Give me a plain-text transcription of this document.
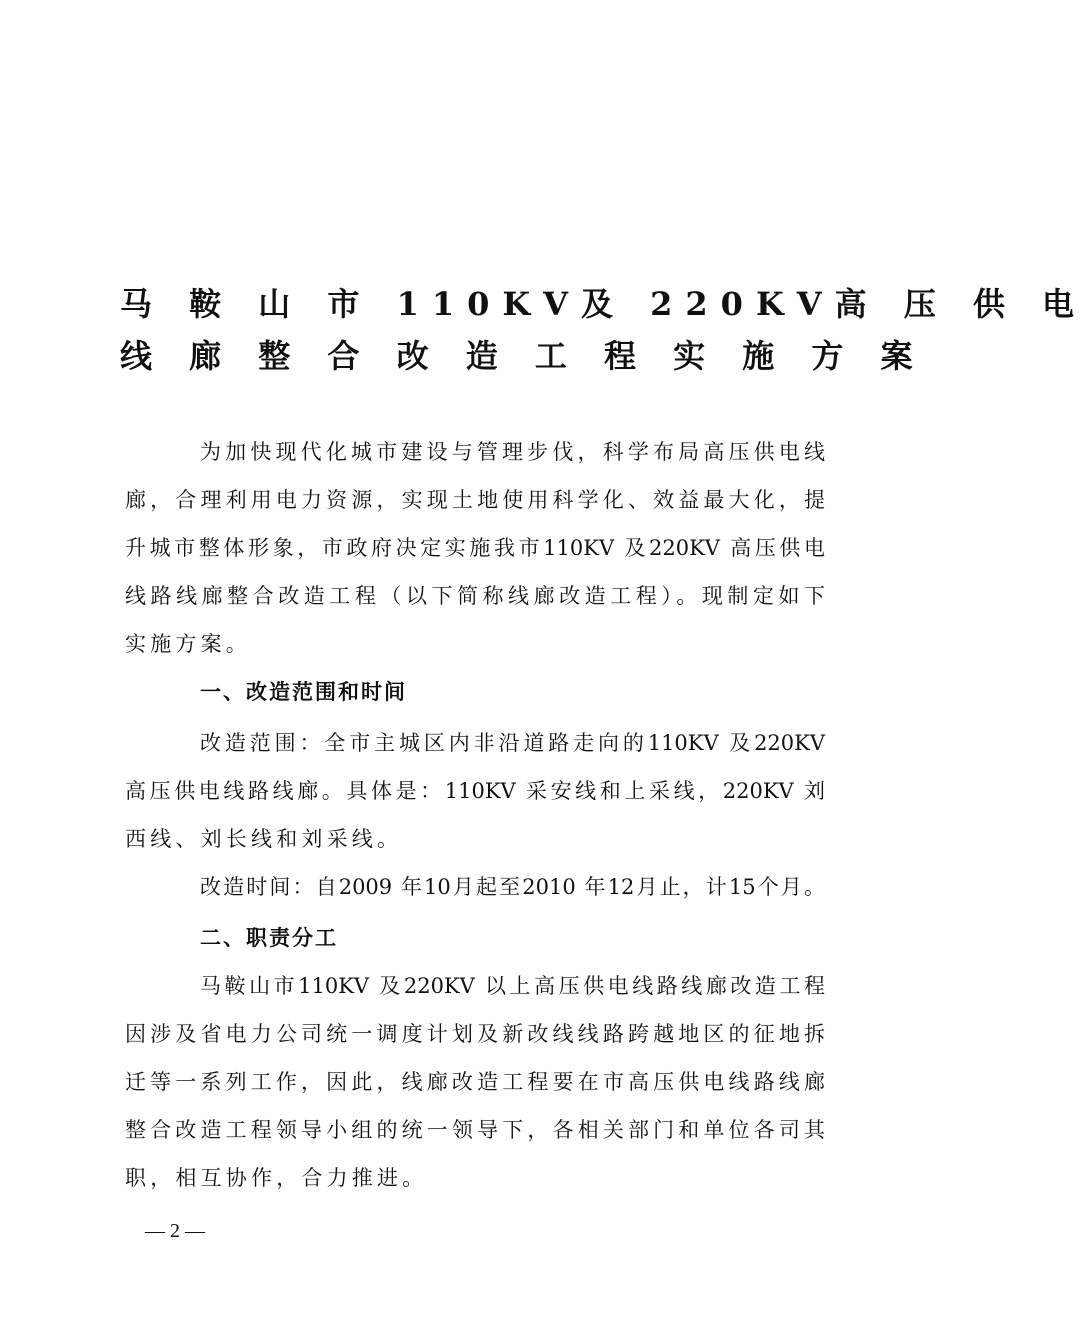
马 鞍 山 市 110KV及 220KV高 压 供 电
线 廊 整 合 改 造 工 程 实 施 方 案
为加快现代化城市建设与管理步伐，科学布局高压供电线
廊，合理利用电力资源，实现土地使用科学化、效益最大化，提
升城市整体形象，市政府决定实施我市110KV 及220KV 高压供电
线路线廊整合改造工程（以下简称线廊改造工程）。现制定如下
实施方案。
一、改造范围和时间
改造范围：全市主城区内非沿道路走向的110KV 及220KV
高压供电线路线廊。具体是：110KV 采安线和上采线，220KV 刘
西线、刘长线和刘采线。
改造时间：自2009 年10月起至2010 年12月止，计15个月。
二、职责分工
马鞍山市110KV 及220KV 以上高压供电线路线廊改造工程
因涉及省电力公司统一调度计划及新改线线路跨越地区的征地拆
迁等一系列工作，因此，线廊改造工程要在市高压供电线路线廊
整合改造工程领导小组的统一领导下，各相关部门和单位各司其
职，相互协作，合力推进。
— 2 —
